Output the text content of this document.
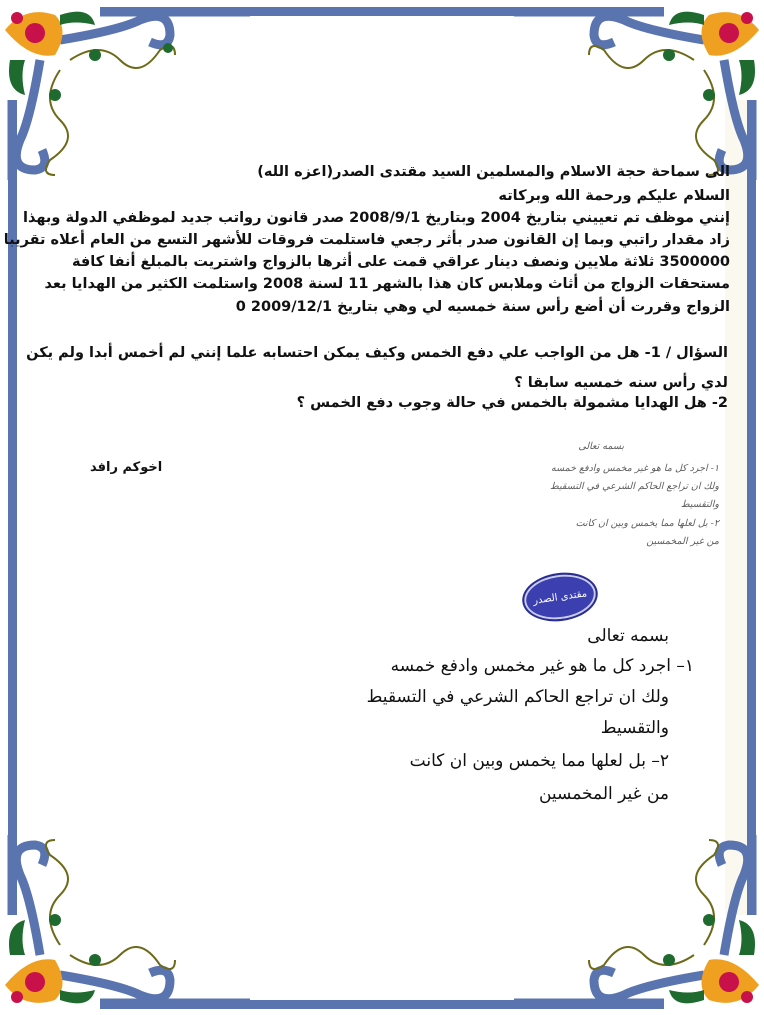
الى سماحة حجة الاسلام والمسلمين السيد مقتدى الصدر(اعزه الله)
السلام عليكم ورحمة الله وبركاته
إنني موظف تم تعييني بتاريخ 2004 وبتاريخ 2008/9/1 صدر قانون رواتب جديد لموظفي الدولة وبهذا
زاد مقدار راتبي وبما إن القانون صدر بأثر رجعي فاستلمت فروقات للأشهر التسع من العام أعلاه تقريبا
3500000 ثلاثة ملايين ونصف دينار عراقي قمت على أثرها بالزواج واشتريت بالمبلغ أنفا كافة
مستحقات الزواج من أثاث وملابس كان هذا بالشهر 11 لسنة 2008 واستلمت الكثير من الهدايا بعد
الزواج وقررت أن أضع رأس سنة خمسيه لي وهي بتاريخ 2009/12/1 0
السؤال / 1- هل من الواجب علي دفع الخمس وكيف يمكن احتسابه علما إنني لم أخمس أبدا ولم يكن
لدي رأس سنه خمسيه سابقا ؟
2- هل الهدايا مشمولة بالخمس في حالة وجوب دفع الخمس ؟
اخوكم رافد
بسمه تعالى
١- اجرد كل ما هو غير مخمس وادفع خمسه
ولك ان تراجع الحاكم الشرعي في التسقيط
والتقسيط
٢- بل لعلها مما يخمس وبين ان كانت
من غير المخمسين
مقتدى الصدر
بسمه تعالى
١– اجرد كل ما هو غير مخمس وادفع خمسه
ولك ان تراجع الحاكم الشرعي في التسقيط
والتقسيط
٢– بل لعلها مما يخمس وبين ان كانت
من غير المخمسين
